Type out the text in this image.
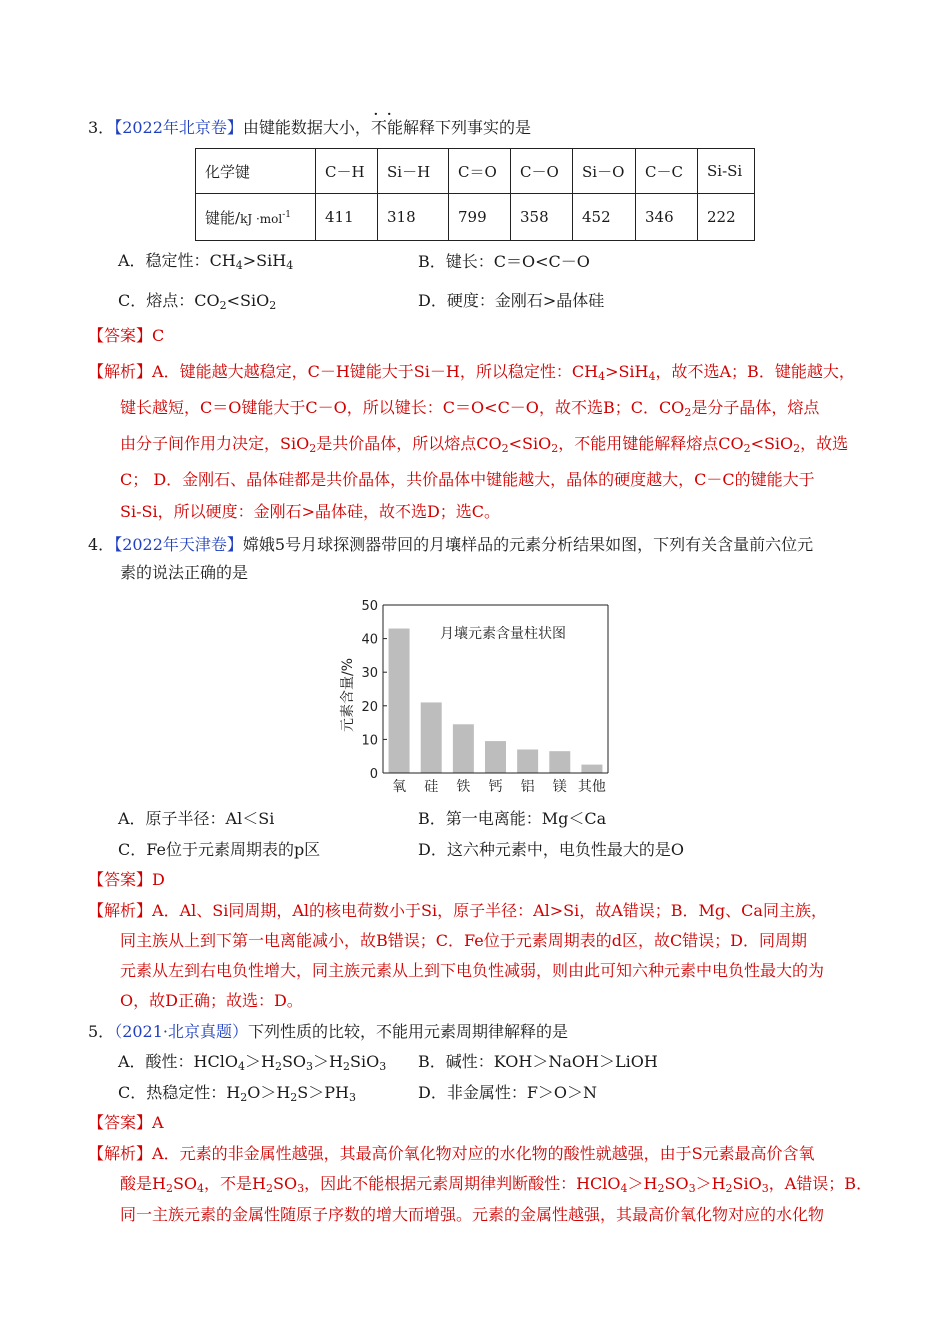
3．【2022年北京卷】由键能数据大小，· · 不能解释下列事实的是
化学键	C－H	Si－H	C＝O	C－O	Si－O	C－C	Si-Si
键能/kJ ·mol$^{-1}$	411	318	799	358	452	346	222
A．稳定性：$CH_4>SiH_4$	B．键长：C＝O<C－O
C．熔点：$CO_2<SiO_2$	D．硬度：金刚石>晶体硅
【答案】C
【解析】A．键能越大越稳定，C－H键能大于Si－H，所以稳定性：$CH_4>SiH_4$，故不选A；B．键能越大，
键长越短，C＝O键能大于C－O，所以键长：C＝O<C－O，故不选B；C．$CO_2$是分子晶体，熔点
由分子间作用力决定，SiO$_2$是共价晶体，所以熔点$CO_2<SiO_2$，不能用键能解释熔点$CO_2<SiO_2$，故选
C； D．金刚石、晶体硅都是共价晶体，共价晶体中键能越大，晶体的硬度越大，C－C的键能大于
Si-Si，所以硬度：金刚石>晶体硅，故不选D；选C。
4．【2022年天津卷】嫦娥5号月球探测器带回的月壤样品的元素分析结果如图，下列有关含量前六位元
素的说法正确的是
0
10
20
30
40
50
氧 硅 铁 钙 铝 镁 其他
月壤元素含量柱状图
元素含量/%
A．原子半径：Al＜Si	B．第一电离能：Mg＜Ca
C．Fe位于元素周期表的p区	D．这六种元素中，电负性最大的是O
【答案】D
【解析】A．Al、Si同周期，Al的核电荷数小于Si，原子半径：Al>Si，故A错误；B．Mg、Ca同主族，
同主族从上到下第一电离能减小，故B错误；C．Fe位于元素周期表的d区，故C错误；D．同周期
元素从左到右电负性增大，同主族元素从上到下电负性减弱，则由此可知六种元素中电负性最大的为
O，故D正确；故选：D。
5．（2021·北京真题）下列性质的比较，不能用元素周期律解释的是
A．酸性：$HClO_4>H_2SO_3>H_2SiO_3$ B．碱性：KOH＞NaOH＞LiOH
C．热稳定性：$H_2O>H_2S>PH_3$	D．非金属性：F＞O＞N
【答案】A
【解析】A．元素的非金属性越强，其最高价氧化物对应的水化物的酸性就越强，由于S元素最高价含氧
酸是$H_2SO_4$，不是$H_2SO_3$，因此不能根据元素周期律判断酸性：$HClO_4>H_2SO_3>H_2SiO_3$，A错误；B．
同一主族元素的金属性随原子序数的增大而增强。元素的金属性越强，其最高价氧化物对应的水化物
